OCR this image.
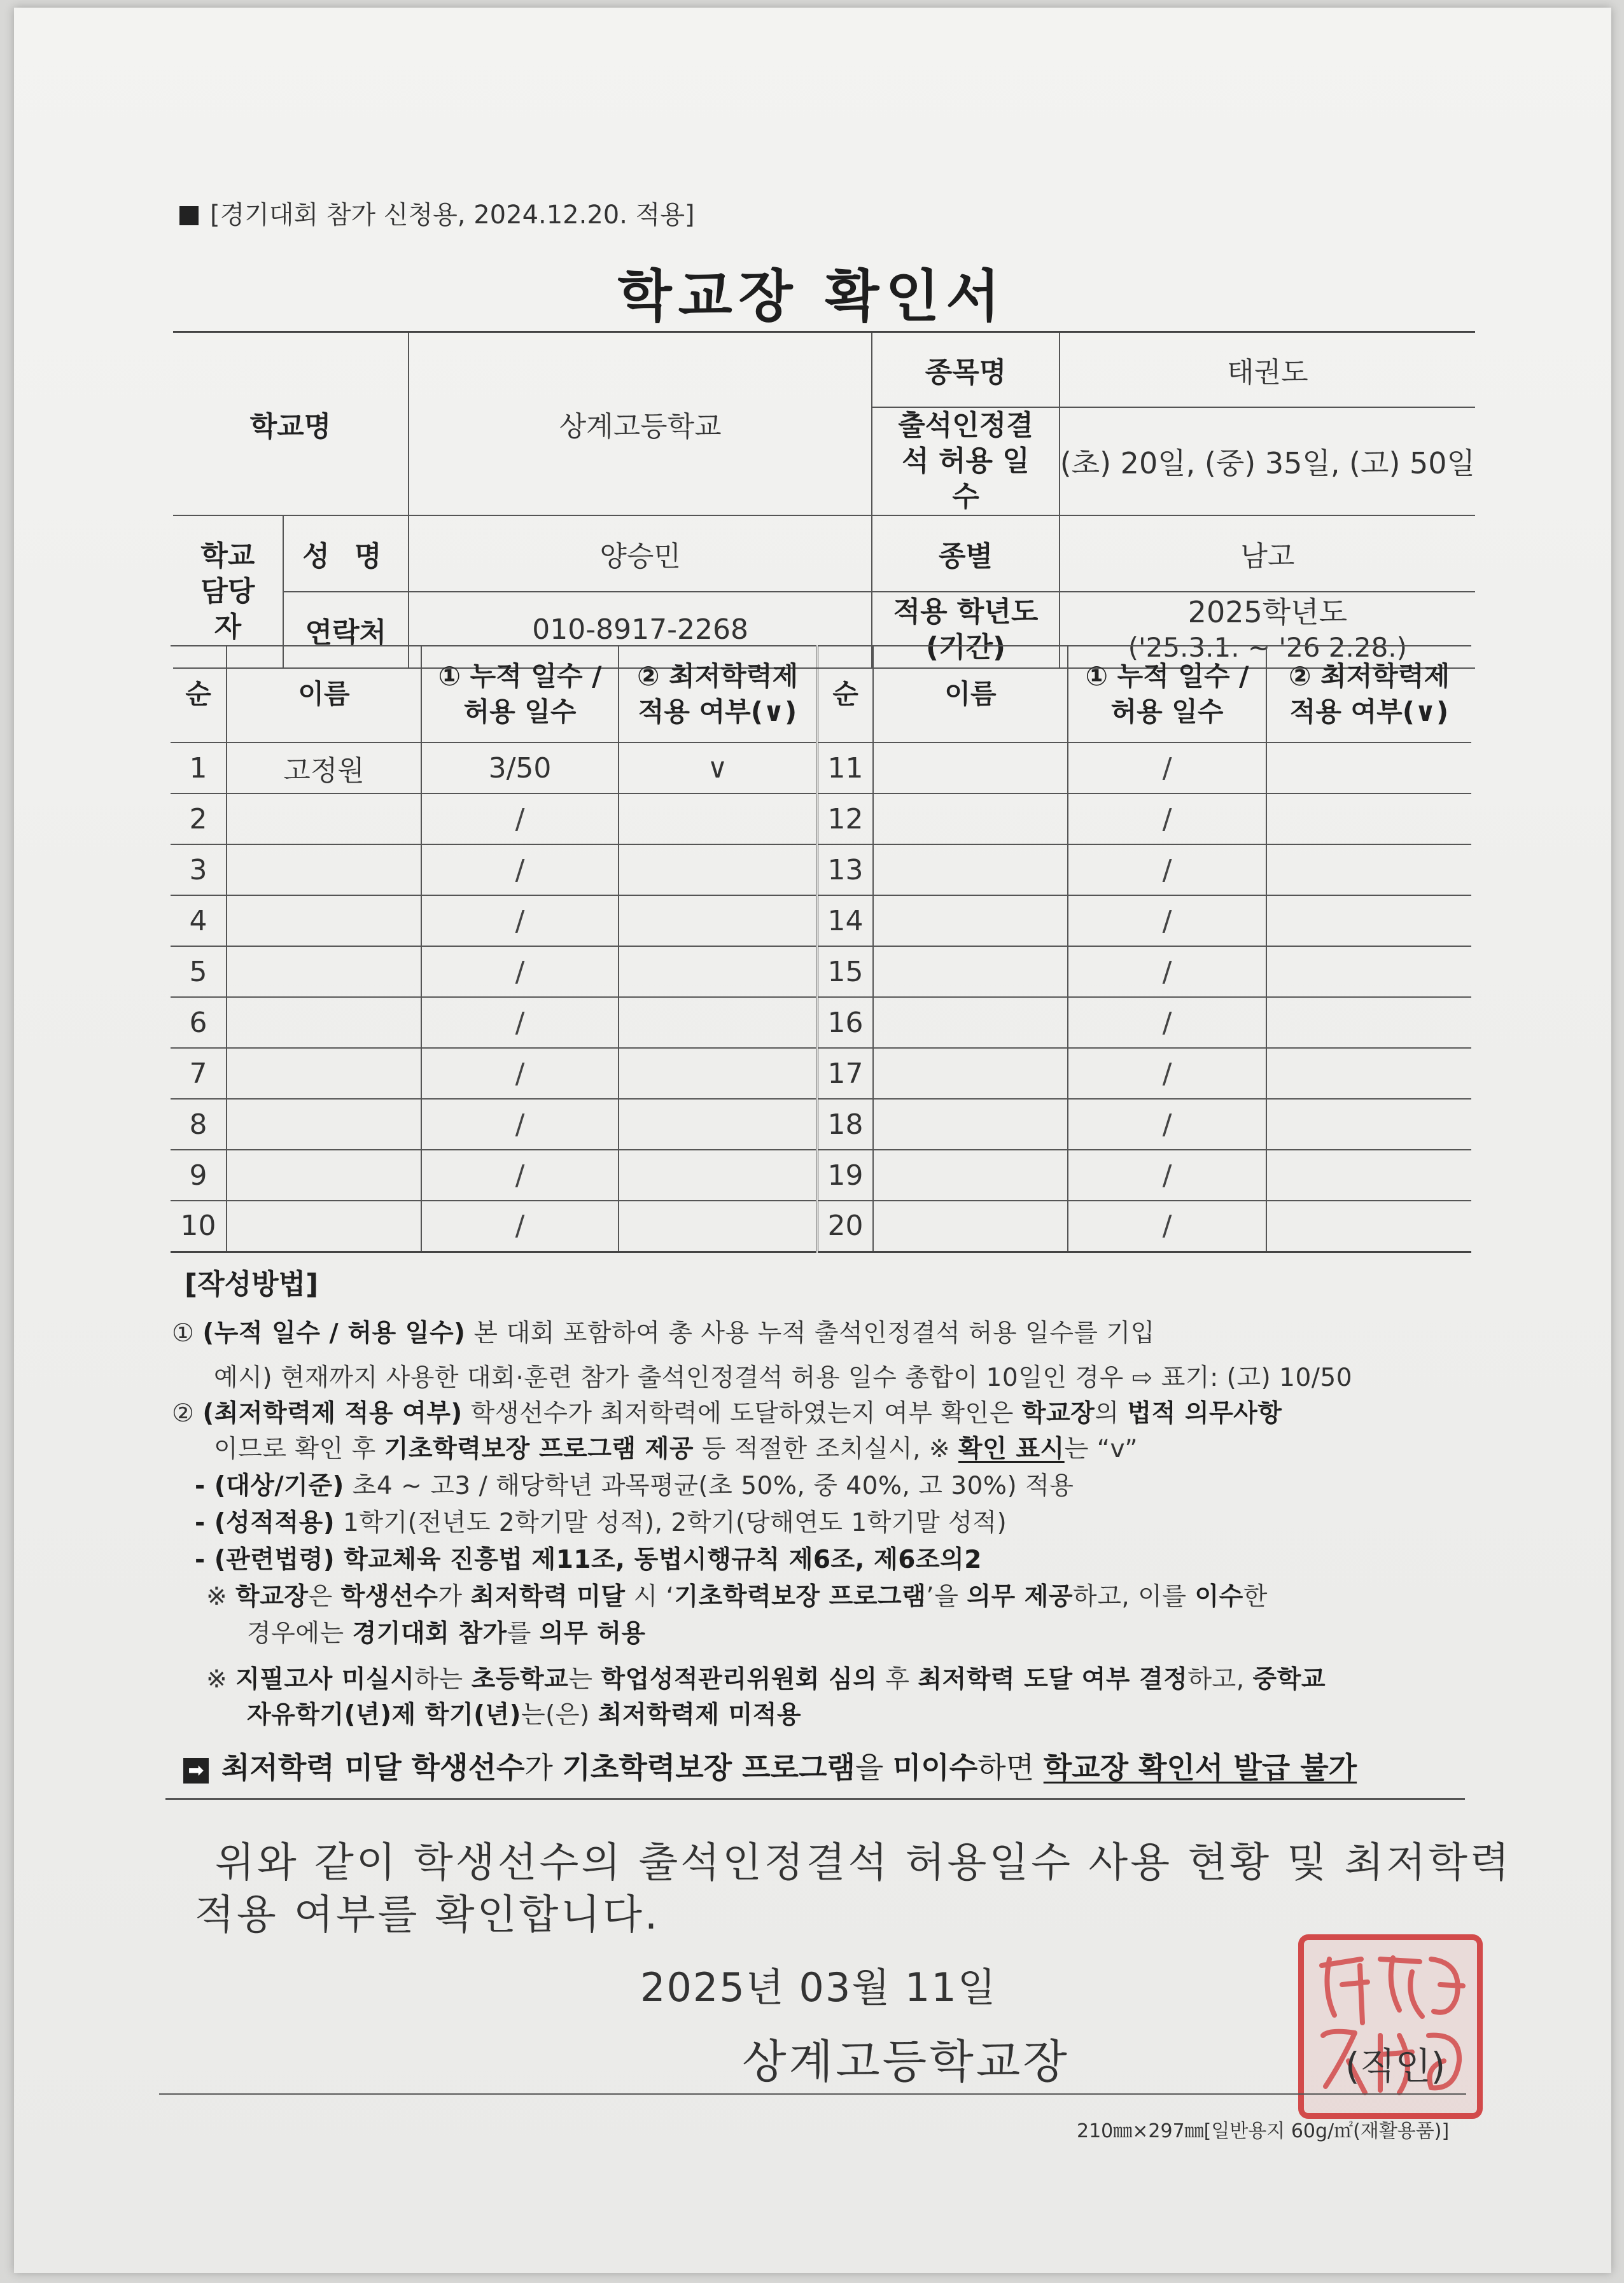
[경기대회 참가 신청용, 2024.12.20. 적용]
학교장 확인서
학교명		상계고등학교	종목명	태권도
			출석인정결석 허용 일수	(초) 20일, (중) 35일, (고) 50일
학교 담당자	성 명	양승민	종별	남고
	연락처	010-8917-2268	적용 학년도 (기간)	2025학년도
('25.3.1. ~ '26 2.28.)
순	이름	① 누적 일수 / 허용 일수	② 최저학력제 적용 여부(∨)	순	이름	① 누적 일수 / 허용 일수	② 최저학력제 적용 여부(∨)
1	고정원	3/50	∨	11		/	
2		/		12		/	
3		/		13		/	
4		/		14		/	
5		/		15		/	
6		/		16		/	
7		/		17		/	
8		/		18		/	
9		/		19		/	
10		/		20		/	
[작성방법]
① (누적 일수 / 허용 일수) 본 대회 포함하여 총 사용 누적 출석인정결석 허용 일수를 기입
예시) 현재까지 사용한 대회·훈련 참가 출석인정결석 허용 일수 총합이 10일인 경우 ⇨ 표기: (고) 10/50
② (최저학력제 적용 여부) 학생선수가 최저학력에 도달하였는지 여부 확인은 학교장의 법적 의무사항
이므로 확인 후 기초학력보장 프로그램 제공 등 적절한 조치실시, ※ 확인 표시는 “v”
- (대상/기준) 초4 ~ 고3 / 해당학년 과목평균(초 50%, 중 40%, 고 30%) 적용
- (성적적용) 1학기(전년도 2학기말 성적), 2학기(당해연도 1학기말 성적)
- (관련법령) 학교체육 진흥법 제11조, 동법시행규칙 제6조, 제6조의2
※ 학교장은 학생선수가 최저학력 미달 시 ‘기초학력보장 프로그램’을 의무 제공하고, 이를 이수한
경우에는 경기대회 참가를 의무 허용
※ 지필고사 미실시하는 초등학교는 학업성적관리위원회 심의 후 최저학력 도달 여부 결정하고, 중학교
자유학기(년)제 학기(년)는(은) 최저학력제 미적용
➡ 최저학력 미달 학생선수가 기초학력보장 프로그램을 미이수하면 학교장 확인서 발급 불가
위와 같이 학생선수의 출석인정결석 허용일수 사용 현황 및 최저학력
적용 여부를 확인합니다.
2025년 03월 11일
상계고등학교장	(직인)
210㎜×297㎜[일반용지 60g/㎡(재활용품)]
